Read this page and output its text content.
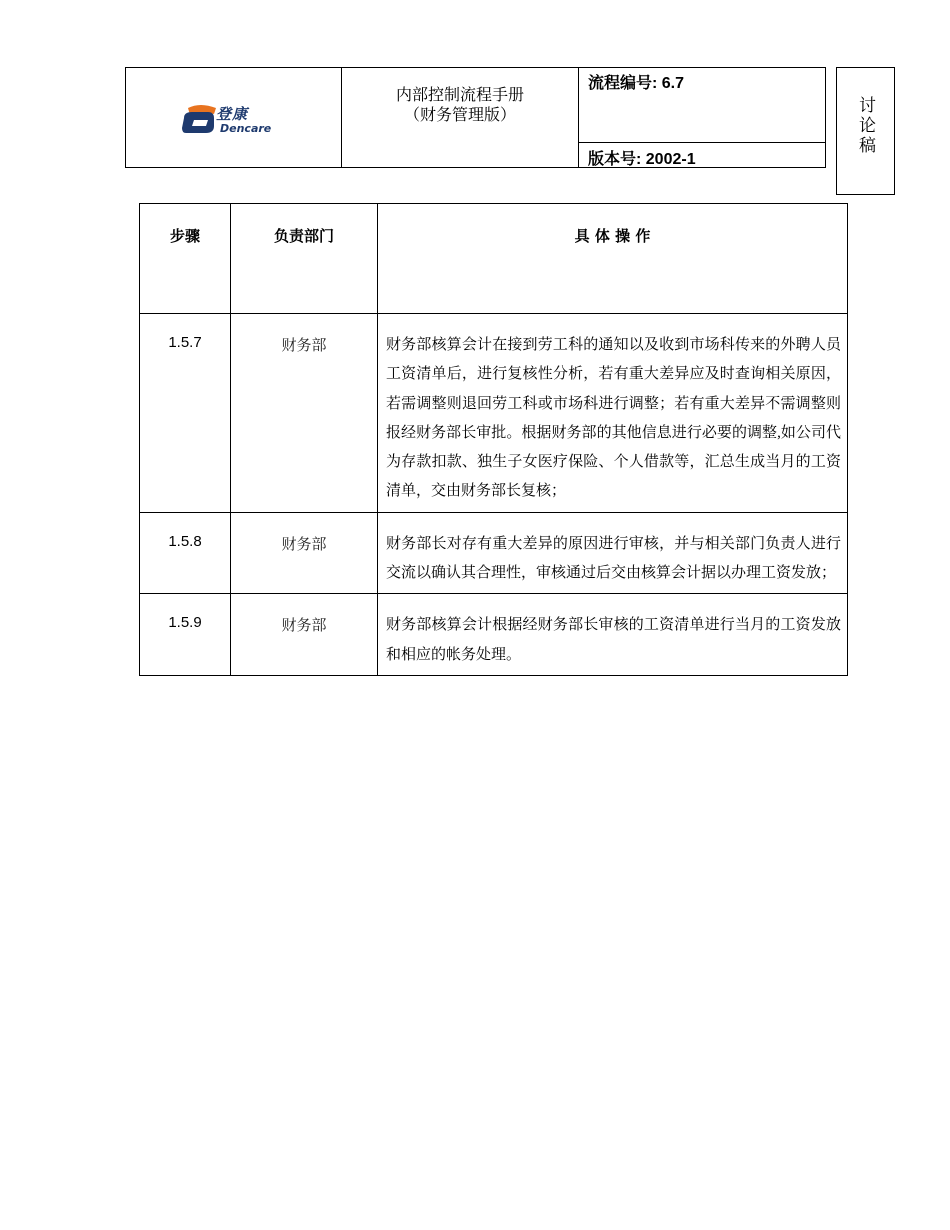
登康
Dencare
内部控制流程手册
（财务管理版）
流程编号: 6.7
版本号: 2002-1
讨论稿
步骤	负责部门	具 体 操 作
1.5.7	财务部	财务部核算会计在接到劳工科的通知以及收到市场科传来的外聘人员工资清单后，进行复核性分析，若有重大差异应及时查询相关原因，若需调整则退回劳工科或市场科进行调整；若有重大差异不需调整则报经财务部长审批。根据财务部的其他信息进行必要的调整,如公司代为存款扣款、独生子女医疗保险、个人借款等，汇总生成当月的工资清单，交由财务部长复核；
1.5.8	财务部	财务部长对存有重大差异的原因进行审核，并与相关部门负责人进行交流以确认其合理性，审核通过后交由核算会计据以办理工资发放；
1.5.9	财务部	财务部核算会计根据经财务部长审核的工资清单进行当月的工资发放和相应的帐务处理。
